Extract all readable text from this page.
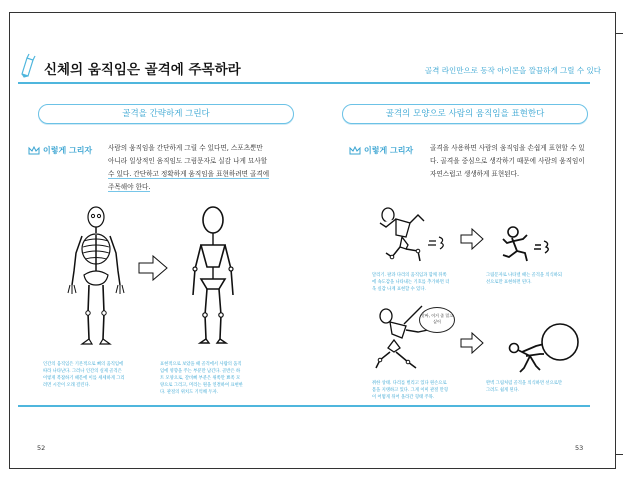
신체의 움직임은 골격에 주목하라	골격 라인만으로 동작 아이콘을 깔끔하게 그릴 수 있다
골격을 간략하게 그린다
이렇게 그리자 사람의 움직임을 간단하게 그릴 수 있다면, 스포츠뿐만
아니라 일상적인 움직임도 그림문자로 실감 나게 묘사할
수 있다. 간단하고 정확하게 움직임을 표현하려면 골격에
주목해야 한다.
인간의 움직임은 기본적으로 뼈의 움직임에
따라 나타난다. 그러나 인간의 실제 골격은
이렇게 복잡하기 때문에 이를 세세하게 그리
려면 시간이 오래 걸린다.
표현적으로 보았을 때 골격에서 사람의 움직
임에 영향을 주는 부분만 남긴다. 골반은 하
트 모양으로, 갈비뼈 부분은 위쪽만 뾰족 모
양으로 그리고, 머리는 원을 연결하여 표현한
다. 관절의 위치도 기억해 두자.
골격의 모양으로 사람의 움직임을 표현한다
이렇게 그리자	골격을 사용하면 사람의 움직임을 손쉽게 표현할 수 있
다. 골격을 중심으로 생각하기 때문에 사람의 움직임이
자연스럽고 생생하게 표현된다.
달리기. 팔과 다리의 움직임과 함께 뒤쪽
에 속도감을 나타내는 기호를 추가하면 더
욱 실감 나게 표현할 수 있다.
그림문자로 나타낼 때는 골격을 의식하되
선으로만 표현하면 된다.
앗싸, 이거 좀 밀고 싶어
쥐한 상태. 다리를 벌리고 있다 원손으로
몸을 지탱하고 있다. 그게 이미 관절 만형
이 어떻게 뒤어 올라간 형태 주목.
완벽 그림처럼 골격을 의식하면 선으로만
그려도 쉽게 된다.
52	53
